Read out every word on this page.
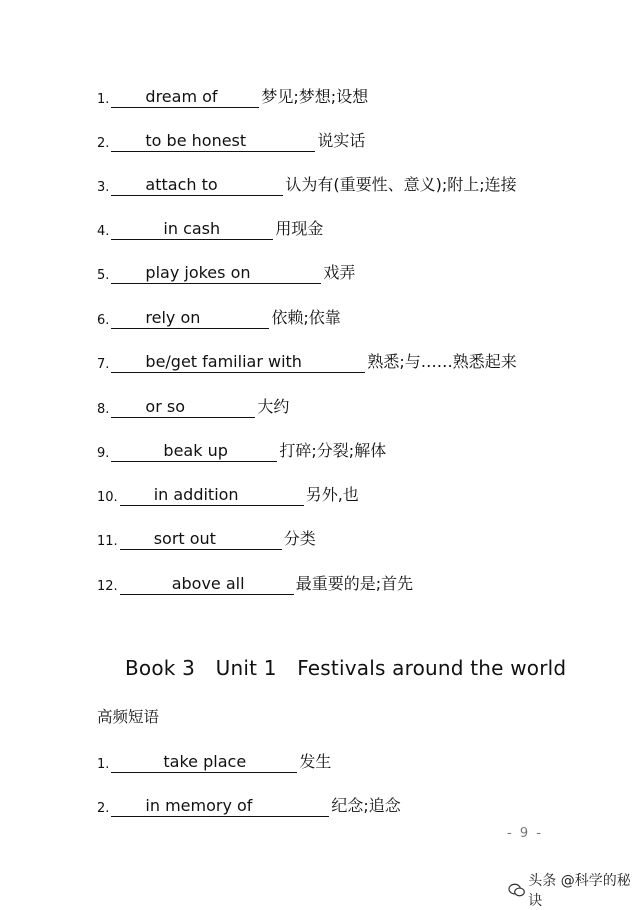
1.	dream of	梦见;梦想;设想
2.	to be honest	说实话
3.	attach to	认为有(重要性、意义);附上;连接
4.	in cash	用现金
5.	play jokes on	戏弄
6.	rely on	依赖;依靠
7.	be/get familiar with	熟悉;与……熟悉起来
8.	or so	大约
9.	beak up	打碎;分裂;解体
10.	in addition	另外,也
11.	sort out	分类
12.	above all	最重要的是;首先
Book 3 Unit 1 Festivals around the world
高频短语
1.	take place	发生
2.	in memory of	纪念;追念
- 9 -
头条 @科学的秘诀
